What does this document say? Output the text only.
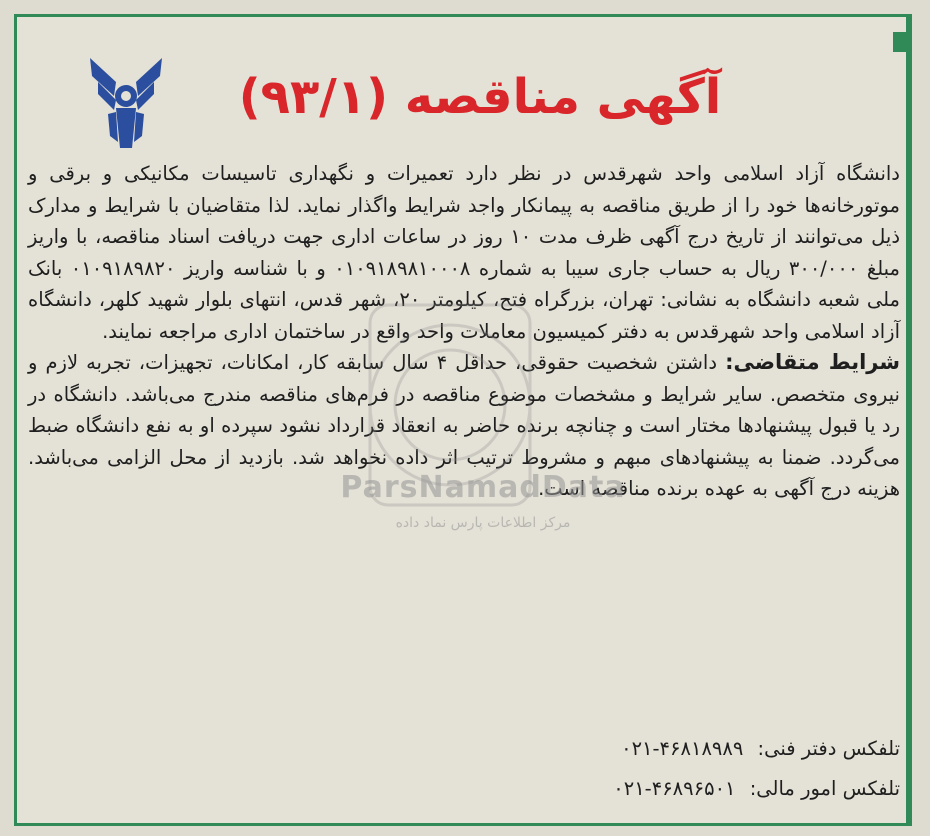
آگهی مناقصه (۹۳/۱)

دانشگاه آزاد اسلامی واحد شهرقدس در نظر دارد تعمیرات و نگهداری تاسیسات مکانیکی و برقی و موتورخانه‌ها خود را از طریق مناقصه به پیمانکار واجد شرایط واگذار نماید. لذا متقاضیان با شرایط و مدارک ذیل می‌توانند از تاریخ درج آگهی ظرف مدت ۱۰ روز در ساعات اداری جهت دریافت اسناد مناقصه، با واریز مبلغ ۳۰۰/۰۰۰ ریال به حساب جاری سیبا به شماره ۰۱۰۹۱۸۹۸۱۰۰۰۸ و با شناسه واریز ۰۱۰۹۱۸۹۸۲۰ بانک ملی شعبه دانشگاه به نشانی: تهران، بزرگراه فتح، کیلومتر ۲۰، شهر قدس، انتهای بلوار شهید کلهر، دانشگاه آزاد اسلامی واحد شهرقدس به دفتر کمیسیون معاملات واحد واقع در ساختمان اداری مراجعه نمایند.

شرایط متقاضی: داشتن شخصیت حقوقی، حداقل ۴ سال سابقه کار، امکانات، تجهیزات، تجربه لازم و نیروی متخصص. سایر شرایط و مشخصات موضوع مناقصه در فرم‌های مناقصه مندرج می‌باشد. دانشگاه در رد یا قبول پیشنهادها مختار است و چنانچه برنده حاضر به انعقاد قرارداد نشود سپرده او به نفع دانشگاه ضبط می‌گردد. ضمنا به پیشنهادهای مبهم و مشروط ترتیب اثر داده نخواهد شد. بازدید از محل الزامی می‌باشد. هزینه درج آگهی به عهده برنده مناقصه است.

تلفکس دفتر فنی: ۰۲۱-۴۶۸۱۸۹۸۹
تلفکس امور مالی: ۰۲۱-۴۶۸۹۶۵۰۱
ParsNamadData
مرکز اطلاعات پارس نماد داده
